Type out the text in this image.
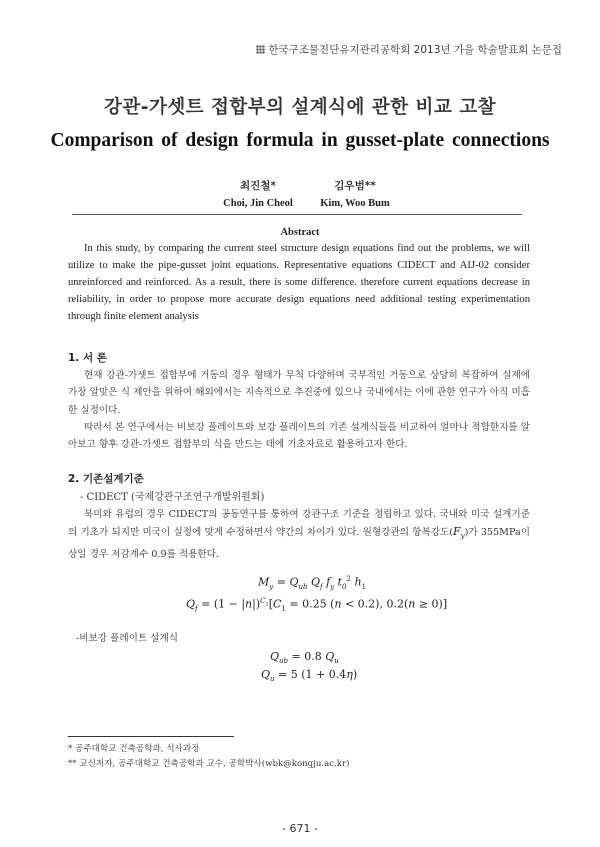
한국구조물진단유지관리공학회 2013년 가을 학술발표회 논문집
강관-가셋트 접합부의 설계식에 관한 비교 고찰
Comparison of design formula in gusset-plate connections
최진철*
Choi, Jin Cheol
김우범**
Kim, Woo Bum
Abstract
In this study, by comparing the current steel structure design equations find out the problems, we will utilize to make the pipe-gusset joint equations. Representative equations CIDECT and AIJ-02 consider unreinforced and reinforced. As a result, there is some difference. therefore current equations decrease in reliability, in order to propose more accurate design equations need additional testing experimentation through finite element analysis
1. 서 론
현재 강관-가셋트 접합부에 거동의 경우 형태가 무척 다양하며 국부적인 거동으로 상당히 복잡하여 실제에 가장 알맞은 식 제안을 위하여 해외에서는 지속적으로 추진중에 있으나 국내에서는 이에 관한 연구가 아직 미흡한 실정이다.
따라서 본 연구에서는 비보강 플레이트와 보강 플레이트의 기존 설계식들을 비교하여 얼마나 적합한지를 알아보고 향후 강관-가셋트 접합부의 식을 만드는 데에 기초자료로 활용하고자 한다.
2. 기존설계기준
- CIDECT (국제강관구조연구개발위원회)
북미와 유럽의 경우 CIDECT의 공동연구를 통하여 강관구조 기준을 정립하고 있다. 국내와 미국 설계기준의 기초가 되지만 미국이 실정에 맞게 수정하면서 약간의 차이가 있다. 원형강관의 항복강도$(F_y)$가 355MPa이상일 경우 저감계수 0.9를 적용한다.
$M_y = Q_{ub}$ $Q_f$ $f_y$ $t_0^2$ $h_1$
$Q_f = (1 - |n|)^{C_1}[C_1 = 0.25$ (n < 0.2), 0.2(n ≥ 0)]
-비보강 플레이트 설계식
$Q_{ub} = 0.8$ $Q_u$
$Q_u = 5$ (1 + 0.4η)
* 공주대학교 건축공학과, 석사과정
** 교신저자, 공주대학교 건축공학과 교수, 공학박사(wbk@kongju.ac.kr)
- 671 -
